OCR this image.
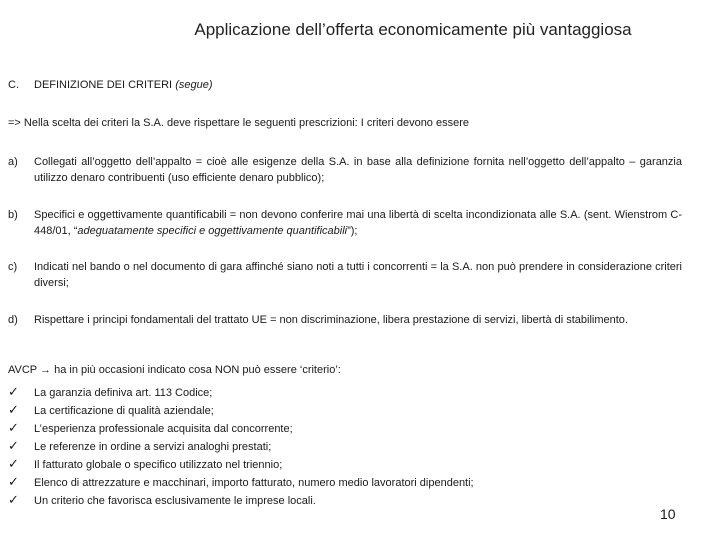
Applicazione dell’offerta economicamente più vantaggiosa
C. DEFINIZIONE DEI CRITERI (segue)
=> Nella scelta dei criteri la S.A. deve rispettare le seguenti prescrizioni: I criteri devono essere
a) Collegati all’oggetto dell’appalto = cioè alle esigenze della S.A. in base alla definizione fornita nell’oggetto dell’appalto – garanzia utilizzo denaro contribuenti (uso efficiente denaro pubblico);
b) Specifici e oggettivamente quantificabili = non devono conferire mai una libertà di scelta incondizionata alle S.A. (sent. Wienstrom C-448/01, “adeguatamente specifici e oggettivamente quantificabili”);
c) Indicati nel bando o nel documento di gara affinché siano noti a tutti i concorrenti = la S.A. non può prendere in considerazione criteri diversi;
d) Rispettare i principi fondamentali del trattato UE = non discriminazione, libera prestazione di servizi, libertà di stabilimento.
AVCP → ha in più occasioni indicato cosa NON può essere ‘criterio’:
✓ La garanzia definiva art. 113 Codice;
✓ La certificazione di qualità aziendale;
✓ L’esperienza professionale acquisita dal concorrente;
✓ Le referenze in ordine a servizi analoghi prestati;
✓ Il fatturato globale o specifico utilizzato nel triennio;
✓ Elenco di attrezzature e macchinari, importo fatturato, numero medio lavoratori dipendenti;
✓ Un criterio che favorisca esclusivamente le imprese locali.
10
